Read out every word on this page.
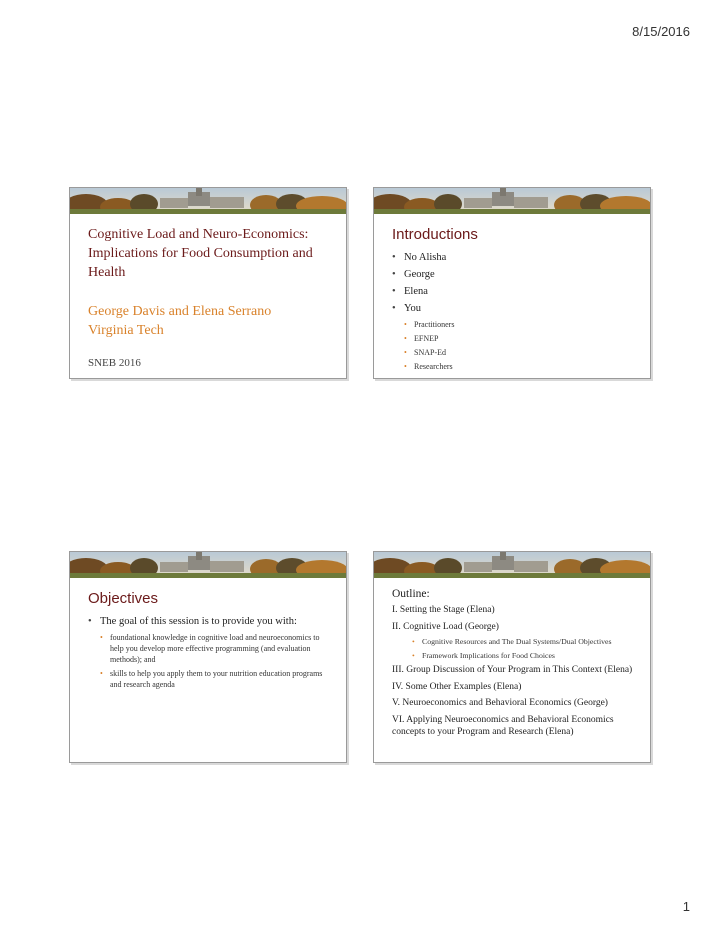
8/15/2016
Cognitive Load and Neuro-Economics:
Implications for Food Consumption and
Health
George Davis and Elena Serrano
Virginia Tech
SNEB 2016
Introductions
• No Alisha
• George
• Elena
• You
• Practitioners
• EFNEP
• SNAP-Ed
• Researchers
Objectives
• The goal of this session is to provide you with:
• foundational knowledge in cognitive load and neuroeconomics to help you develop more effective programming (and evaluation methods); and
• skills to help you apply them to your nutrition education programs and research agenda
Outline:
I. Setting the Stage (Elena)
II. Cognitive Load (George)
• Cognitive Resources and The Dual Systems/Dual Objectives
• Framework Implications for Food Choices
III. Group Discussion of Your Program in This Context (Elena)
IV. Some Other Examples (Elena)
V. Neuroeconomics and Behavioral Economics (George)
VI. Applying Neuroeconomics and Behavioral Economics concepts to your Program and Research (Elena)
1
